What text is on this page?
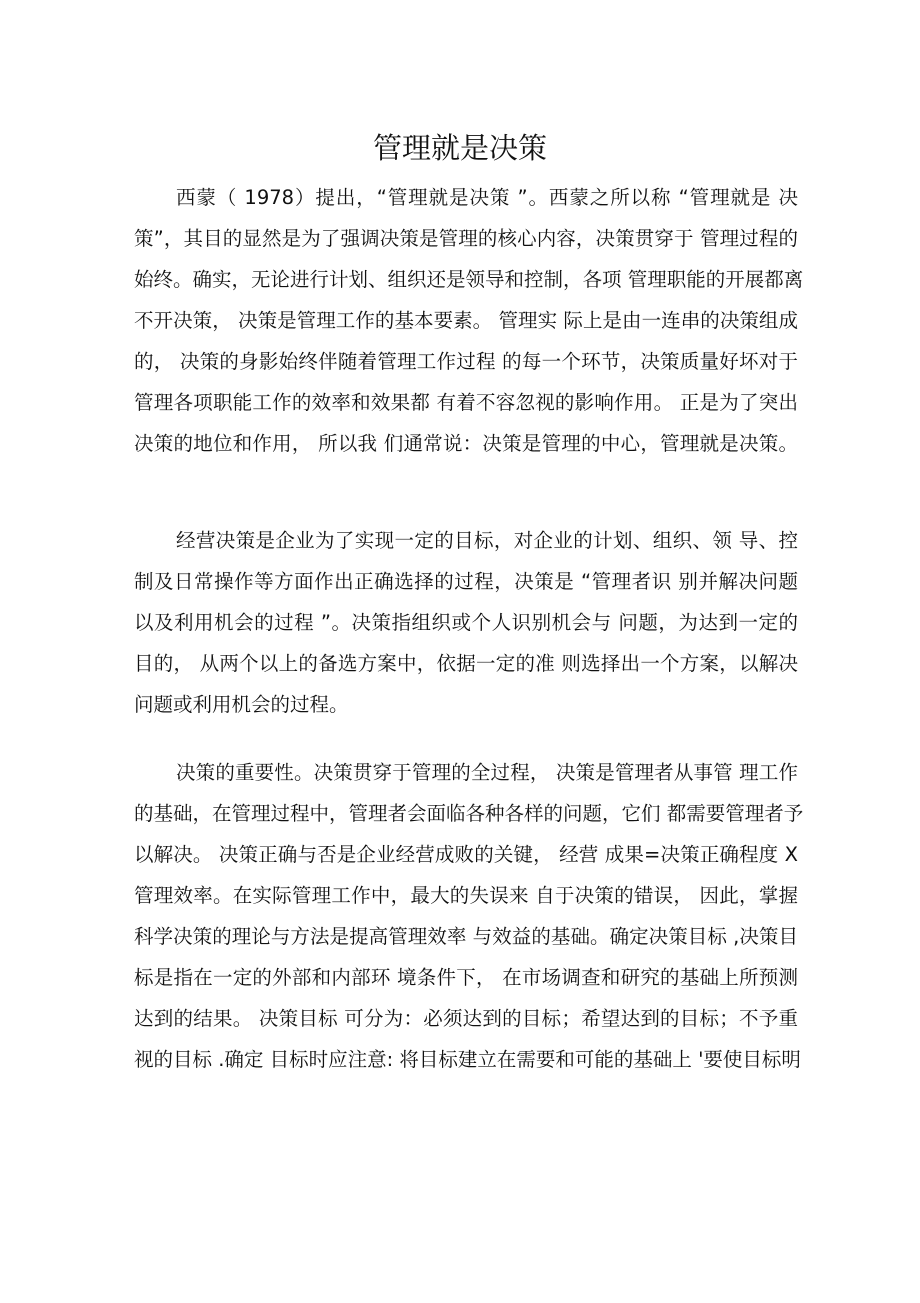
管理就是决策
西蒙（ 1978）提出，“管理就是决策 ”。西蒙之所以称 “管理就是 决
策”，其目的显然是为了强调决策是管理的核心内容，决策贯穿于 管理过程的
始终。确实，无论进行计划、组织还是领导和控制，各项 管理职能的开展都离
不开决策， 决策是管理工作的基本要素。 管理实 际上是由一连串的决策组成
的， 决策的身影始终伴随着管理工作过程 的每一个环节，决策质量好坏对于
管理各项职能工作的效率和效果都 有着不容忽视的影响作用。 正是为了突出
决策的地位和作用， 所以我 们通常说：决策是管理的中心，管理就是决策。
经营决策是企业为了实现一定的目标，对企业的计划、组织、领 导、控
制及日常操作等方面作出正确选择的过程，决策是 “管理者识 别并解决问题
以及利用机会的过程 ”。决策指组织或个人识别机会与 问题，为达到一定的
目的， 从两个以上的备选方案中，依据一定的准 则选择出一个方案，以解决
问题或利用机会的过程。
决策的重要性。决策贯穿于管理的全过程， 决策是管理者从事管 理工作
的基础，在管理过程中，管理者会面临各种各样的问题，它们 都需要管理者予
以解决。 决策正确与否是企业经营成败的关键， 经营 成果=决策正确程度 X
管理效率。在实际管理工作中，最大的失误来 自于决策的错误， 因此，掌握
科学决策的理论与方法是提高管理效率 与效益的基础。确定决策目标 ,决策目
标是指在一定的外部和内部环 境条件下， 在市场调查和研究的基础上所预测
达到的结果。 决策目标 可分为：必须达到的目标；希望达到的目标；不予重
视的目标 .确定 目标时应注意: 将目标建立在需要和可能的基础上 '要使目标明
